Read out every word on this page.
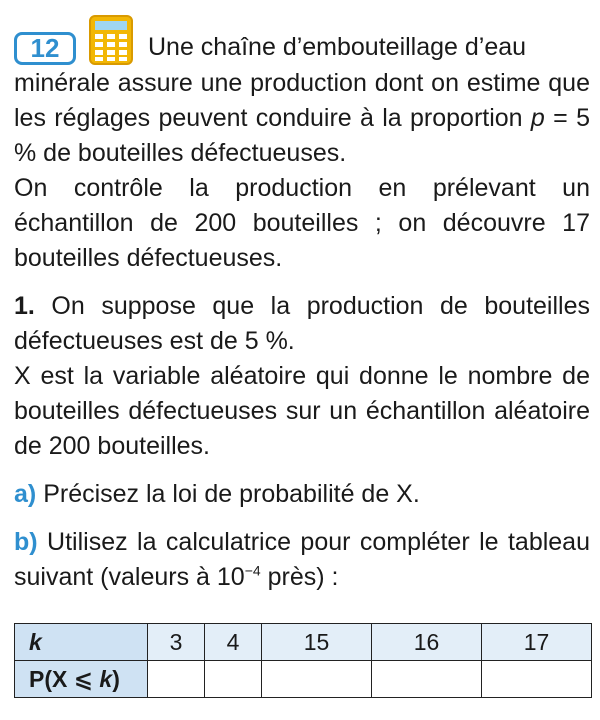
12	Une chaîne d’embouteillage d’eau

minérale assure une production dont on estime que les réglages peuvent conduire à la proportion p = 5 % de bouteilles défectueuses.

On contrôle la production en prélevant un échantillon de 200 bouteilles ; on découvre 17 bouteilles défectueuses.

1. On suppose que la production de bouteilles défectueuses est de 5 %.

X est la variable aléatoire qui donne le nombre de bouteilles défectueuses sur un échantillon aléatoire de 200 bouteilles.

a) Précisez la loi de probabilité de X.

b) Utilisez la calculatrice pour compléter le tableau suivant (valeurs à $10^{-4}$ près) :

k	3	4	15	16	17
P(X ⩽ k)					
